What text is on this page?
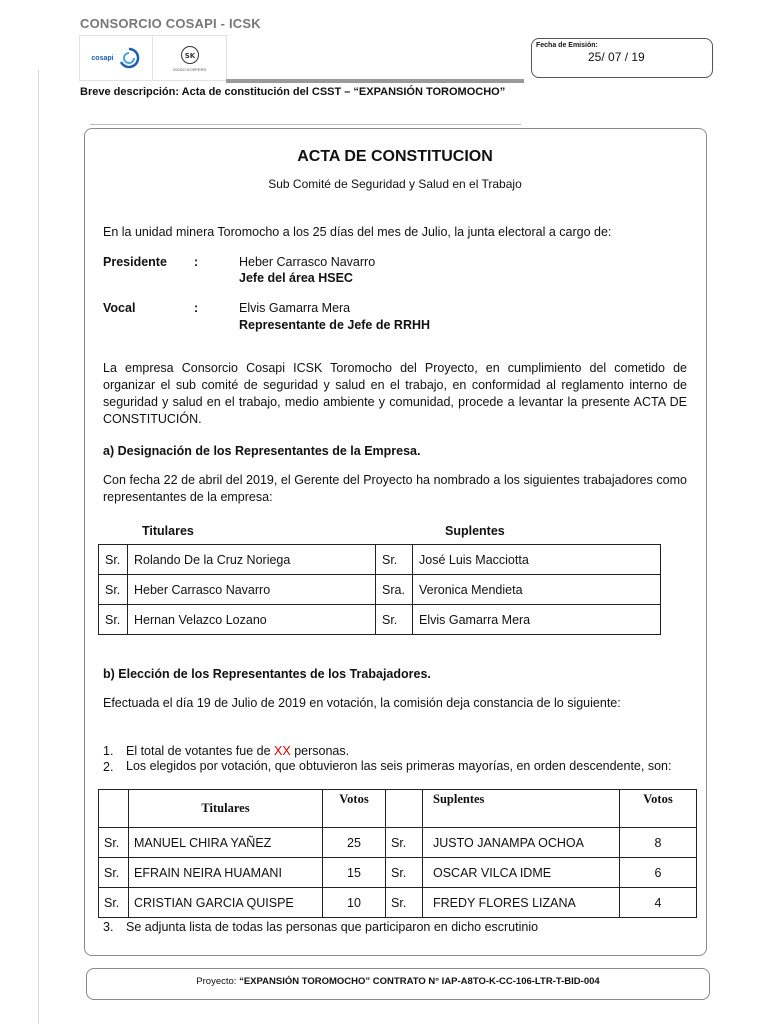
CONSORCIO COSAPI - ICSK
cosapi	SK
SIGDO KOPPERS
Fecha de Emisión:
25/ 07 / 19
Breve descripción: Acta de constitución del CSST – “EXPANSIÓN TOROMOCHO”
ACTA DE CONSTITUCION
Sub Comité de Seguridad y Salud en el Trabajo
En la unidad minera Toromocho a los 25 días del mes de Julio, la junta electoral a cargo de:
Presidente :	Heber Carrasco Navarro
Jefe del área HSEC
Vocal	:	Elvis Gamarra Mera
Representante de Jefe de RRHH
La empresa Consorcio Cosapi ICSK Toromocho del Proyecto, en cumplimiento del cometido de organizar el sub comité de seguridad y salud en el trabajo, en conformidad al reglamento interno de seguridad y salud en el trabajo, medio ambiente y comunidad, procede a levantar la presente ACTA DE CONSTITUCIÓN.
a) Designación de los Representantes de la Empresa.
Con fecha 22 de abril del 2019, el Gerente del Proyecto ha nombrado a los siguientes trabajadores como representantes de la empresa:
Titulares	Suplentes
Sr.	Rolando De la Cruz Noriega	Sr.	José Luis Macciotta
Sr.	Heber Carrasco Navarro	Sra.	Veronica Mendieta
Sr.	Hernan Velazco Lozano	Sr.	Elvis Gamarra Mera
b) Elección de los Representantes de los Trabajadores.
Efectuada el día 19 de Julio de 2019 en votación, la comisión deja constancia de lo siguiente:
1. El total de votantes fue de XX personas.
2. Los elegidos por votación, que obtuvieron las seis primeras mayorías, en orden descendente, son:
	Titulares	Votos		Suplentes	Votos
Sr.	MANUEL CHIRA YAÑEZ	25	Sr.	JUSTO JANAMPA OCHOA	8
Sr.	EFRAIN NEIRA HUAMANI	15	Sr.	OSCAR VILCA IDME	6
Sr.	CRISTIAN GARCIA QUISPE	10	Sr.	FREDY FLORES LIZANA	4
3. Se adjunta lista de todas las personas que participaron en dicho escrutinio
Proyecto: “EXPANSIÓN TOROMOCHO” CONTRATO N° IAP-A8TO-K-CC-106-LTR-T-BID-004
